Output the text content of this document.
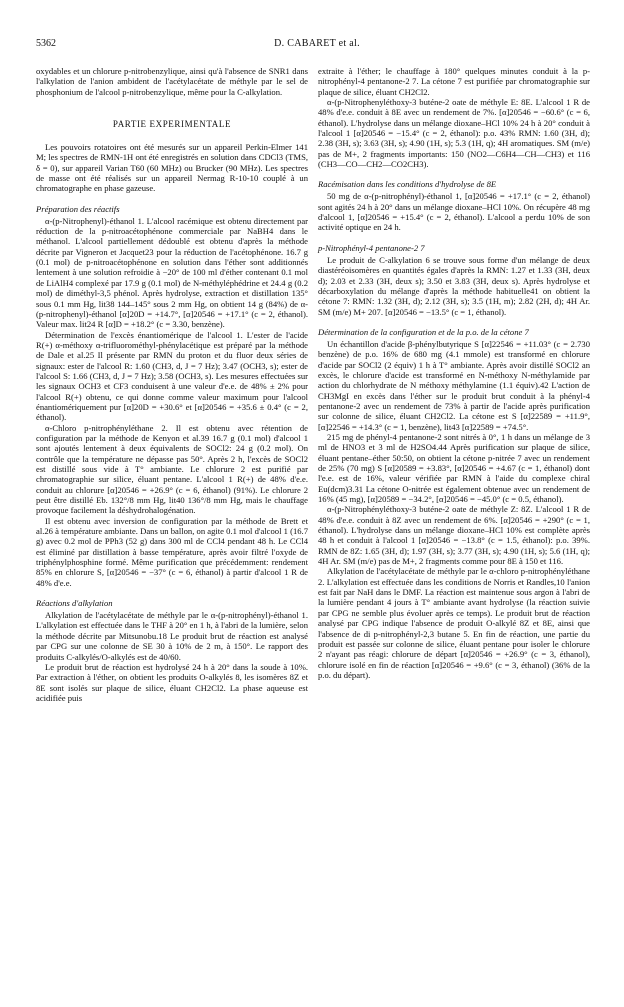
5362	D. CABARET et al.

oxydables et un chlorure p-nitrobenzylique, ainsi qu'à l'absence de SNR1 dans l'alkylation de l'anion ambident de l'acétylacétate de méthyle par le sel de phosphonium de l'alcool p-nitrobenzylique, même pour la C-alkylation.

PARTIE EXPERIMENTALE

Les pouvoirs rotatoires ont été mesurés sur un appareil Perkin-Elmer 141 M; les spectres de RMN-1H ont été enregistrés en solution dans CDCl3 (TMS, δ = 0), sur appareil Varian T60 (60 MHz) ou Brucker (90 MHz). Les spectres de masse ont été réalisés sur un appareil Nermag R-10-10 couplé à un chromatographe en phase gazeuse.

Préparation des réactifs

α-(p-Nitrophenyl)-éthanol 1. L'alcool racémique est obtenu directement par réduction de la p-nitroacétophénone commerciale par NaBH4 dans le méthanol. L'alcool partiellement dédoublé est obtenu d'après la méthode décrite par Vigneron et Jacquet23 pour la réduction de l'acétophénone. 16.7 g (0.1 mol) de p-nitroacétophénone en solution dans l'éther sont additionnés lentement à une solution refroidie à −20° de 100 ml d'éther contenant 0.1 mol de LiAlH4 complexé par 17.9 g (0.1 mol) de N-méthyléphédrine et 24.4 g (0.2 mol) de diméthyl-3,5 phénol. Après hydrolyse, extraction et distillation 135° sous 0.1 mm Hg, lit38 144–145° sous 2 mm Hg, on obtient 14 g (84%) de α-(p-nitrophenyl)-éthanol [α]20D = +14.7°, [α]20546 = +17.1° (c = 2, éthanol). Valeur max. lit24 R [α]D = +18.2° (c = 3.30, benzène).

Détermination de l'excès énantiomérique de l'alcool 1. L'ester de l'acide R(+) α-méthoxy α-trifluorométhyl-phénylacétique est préparé par la méthode de Dale et al.25 Il présente par RMN du proton et du fluor deux séries de signaux: ester de l'alcool R: 1.60 (CH3, d, J = 7 Hz); 3.47 (OCH3, s); ester de l'alcool S: 1.66 (CH3, d, J = 7 Hz); 3.58 (OCH3, s). Les mesures effectuées sur les signaux OCH3 et CF3 conduisent à une valeur d'e.e. de 48% ± 2% pour l'alcool R(+) obtenu, ce qui donne comme valeur maximum pour l'alcool énantiomériquement pur [α]20D = +30.6° et [α]20546 = +35.6 ± 0.4° (c = 2, éthanol).

α-Chloro p-nitrophényléthane 2. Il est obtenu avec rétention de configuration par la méthode de Kenyon et al.39 16.7 g (0.1 mol) d'alcool 1 sont ajoutés lentement à deux équivalents de SOCl2: 24 g (0.2 mol). On contrôle que la température ne dépasse pas 50°. Après 2 h, l'excès de SOCl2 est distillé sous vide à T° ambiante. Le chlorure 2 est purifié par chromatographie sur silice, éluant pentane. L'alcool 1 R(+) de 48% d'e.e. conduit au chlorure [α]20546 = +26.9° (c = 6, éthanol) (91%). Le chlorure 2 peut être distillé Eb. 132°/8 mm Hg, lit40 136°/8 mm Hg, mais le chauffage provoque facilement la déshydrohalogénation.

Il est obtenu avec inversion de configuration par la méthode de Brett et al.26 à température ambiante. Dans un ballon, on agite 0.1 mol d'alcool 1 (16.7 g) avec 0.2 mol de PPh3 (52 g) dans 300 ml de CCl4 pendant 48 h. Le CCl4 est éliminé par distillation à basse température, après avoir filtré l'oxyde de triphénylphosphine formé. Même purification que précédemment: rendement 85% en chlorure S, [α]20546 = −37° (c = 6, éthanol) à partir d'alcool 1 R de 48% d'e.e.

Réactions d'alkylation

Alkylation de l'acétylacétate de méthyle par le α-(p-nitrophényl)-éthanol 1. L'alkylation est effectuée dans le THF à 20° en 1 h, à l'abri de la lumière, selon la méthode décrite par Mitsunobu.18 Le produit brut de réaction est analysé par CPG sur une colonne de SE 30 à 10% de 2 m, à 150°. Le rapport des produits C-alkylés/O-alkylés est de 40/60.

Le produit brut de réaction est hydrolysé 24 h à 20° dans la soude à 10%. Par extraction à l'éther, on obtient les produits O-alkylés 8, les isomères 8Z et 8E sont isolés sur plaque de silice, éluant CH2Cl2. La phase aqueuse est acidifiée puis

extraite à l'éther; le chauffage à 180° quelques minutes conduit à la p-nitrophényl-4 pentanone-2 7. La cétone 7 est purifiée par chromatographie sur plaque de silice, éluant CH2Cl2.

α-(p-Nitrophenyléthoxy-3 buténe-2 oate de méthyle E: 8E. L'alcool 1 R de 48% d'e.e. conduit à 8E avec un rendement de 7%. [α]20546 = −60.6° (c = 6, éthanol). L'hydrolyse dans un mélange dioxane–HCl 10% 24 h à 20° conduit à l'alcool 1 [α]20546 = −15.4° (c = 2, éthanol): p.o. 43% RMN: 1.60 (3H, d); 2.38 (3H, s); 3.63 (3H, s); 4.90 (1H, s); 5.3 (1H, q); 4H aromatiques. SM (m/e) pas de M+, 2 fragments importants: 150 (NO2—C6H4—CH—CH3) et 116 (CH3—CO—CH2—CO2CH3).

Racémisation dans les conditions d'hydrolyse de 8E

50 mg de α-(p-nitrophényl)-éthanol 1, [α]20546 = +17.1° (c = 2, éthanol) sont agités 24 h à 20° dans un mélange dioxane–HCl 10%. On récupère 48 mg d'alcool 1, [α]20546 = +15.4° (c = 2, éthanol). L'alcool a perdu 10% de son activité optique en 24 h.

p-Nitrophényl-4 pentanone-2 7

Le produit de C-alkylation 6 se trouve sous forme d'un mélange de deux diastéréoisomères en quantités égales d'après la RMN: 1.27 et 1.33 (3H, deux d); 2.03 et 2.33 (3H, deux s); 3.50 et 3.83 (3H, deux s). Après hydrolyse et décarboxylation du mélange d'après la méthode habituelle41 on obtient la cétone 7: RMN: 1.32 (3H, d); 2.12 (3H, s); 3.5 (1H, m); 2.82 (2H, d); 4H Ar. SM (m/e) M+ 207. [α]20546 = −13.5° (c = 1, éthanol).

Détermination de la configuration et de la p.o. de la cétone 7

Un échantillon d'acide β-phénylbutyrique S [α]22546 = +11.03° (c = 2.730 benzène) de p.o. 16% de 680 mg (4.1 mmole) est transformé en chlorure d'acide par SOCl2 (2 équiv) 1 h à T° ambiante. Après avoir distillé SOCl2 an excès, le chlorure d'acide est transformé en N-méthoxy N-méthylamide par action du chlorhydrate de N méthoxy méthylamine (1.1 équiv).42 L'action de CH3MgI en excès dans l'éther sur le produit brut conduit à la phényl-4 pentanone-2 avec un rendement de 73% à partir de l'acide après purification sur colonne de silice, éluant CH2Cl2. La cétone est S [α]22589 = +11.9°, [α]22546 = +14.3° (c = 1, benzène), lit43 [α]22589 = +74.5°.

215 mg de phényl-4 pentanone-2 sont nitrés à 0°, 1 h dans un mélange de 3 ml de HNO3 et 3 ml de H2SO4.44 Après purification sur plaque de silice, éluant pentane–éther 50:50, on obtient la cétone p-nitrée 7 avec un rendement de 25% (70 mg) S [α]20589 = +3.83°, [α]20546 = +4.67 (c = 1, éthanol) dont l'e.e. est de 16%, valeur vérifiée par RMN à l'aide du complexe chiral Eu(dcm)3.31 La cétone O-nitrée est également obtenue avec un rendement de 16% (45 mg), [α]20589 = −34.2°, [α]20546 = −45.0° (c = 0.5, éthanol).

α-(p-Nitrophényléthoxy-3 buténe-2 oate de méthyle Z: 8Z. L'alcool 1 R de 48% d'e.e. conduit à 8Z avec un rendement de 6%. [α]20546 = +290° (c = 1, éthanol). L'hydrolyse dans un mélange dioxane–HCl 10% est complète après 48 h et conduit à l'alcool 1 [α]20546 = −13.8° (c = 1.5, éthanol): p.o. 39%. RMN de 8Z: 1.65 (3H, d); 1.97 (3H, s); 3.77 (3H, s); 4.90 (1H, s); 5.6 (1H, q); 4H Ar. SM (m/e) pas de M+, 2 fragments comme pour 8E à 150 et 116.

Alkylation de l'acétylacétate de méthyle par le α-chloro p-nitrophényléthane 2. L'alkylation est effectuée dans les conditions de Norris et Randles,10 l'anion est fait par NaH dans le DMF. La réaction est maintenue sous argon à l'abri de la lumière pendant 4 jours à T° ambiante avant hydrolyse (la réaction suivie par CPG ne semble plus évoluer après ce temps). Le produit brut de réaction analysé par CPG indique l'absence de produit O-alkylé 8Z et 8E, ainsi que l'absence de di p-nitrophényl-2,3 butane 5. En fin de réaction, une partie du produit est passée sur colonne de silice, éluant pentane pour isoler le chlorure 2 n'ayant pas réagi: chlorure de départ [α]20546 = +26.9° (c = 3, éthanol), chlorure isolé en fin de réaction [α]20546 = +9.6° (c = 3, éthanol) (36% de la p.o. du départ).
